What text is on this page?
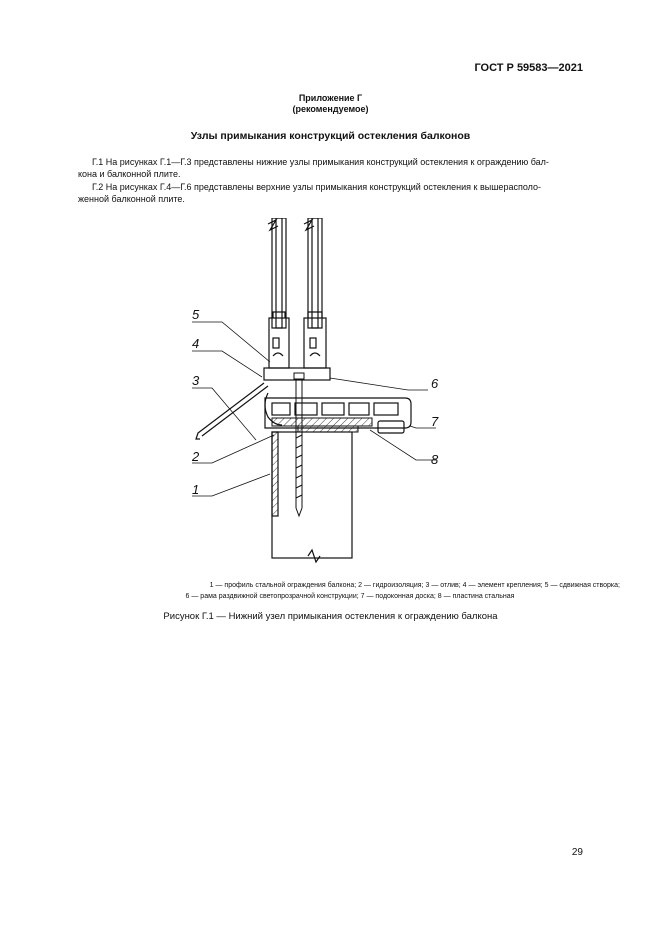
ГОСТ Р 59583—2021
Приложение Г
(рекомендуемое)
Узлы примыкания конструкций остекления балконов
Г.1 На рисунках Г.1—Г.3 представлены нижние узлы примыкания конструкций остекления к ограждению бал-
кона и балконной плите.
Г.2 На рисунках Г.4—Г.6 представлены верхние узлы примыкания конструкций остекления к вышерасполо-
женной балконной плите.
5
4
3
2
1
6
7
8
1 — профиль стальной ограждения балкона; 2 — гидроизоляция; 3 — отлив; 4 — элемент крепления; 5 — сдвижная створка;
6 — рама раздвижной светопрозрачной конструкции; 7 — подоконная доска; 8 — пластина стальная
Рисунок Г.1 — Нижний узел примыкания остекления к ограждению балкона
29
